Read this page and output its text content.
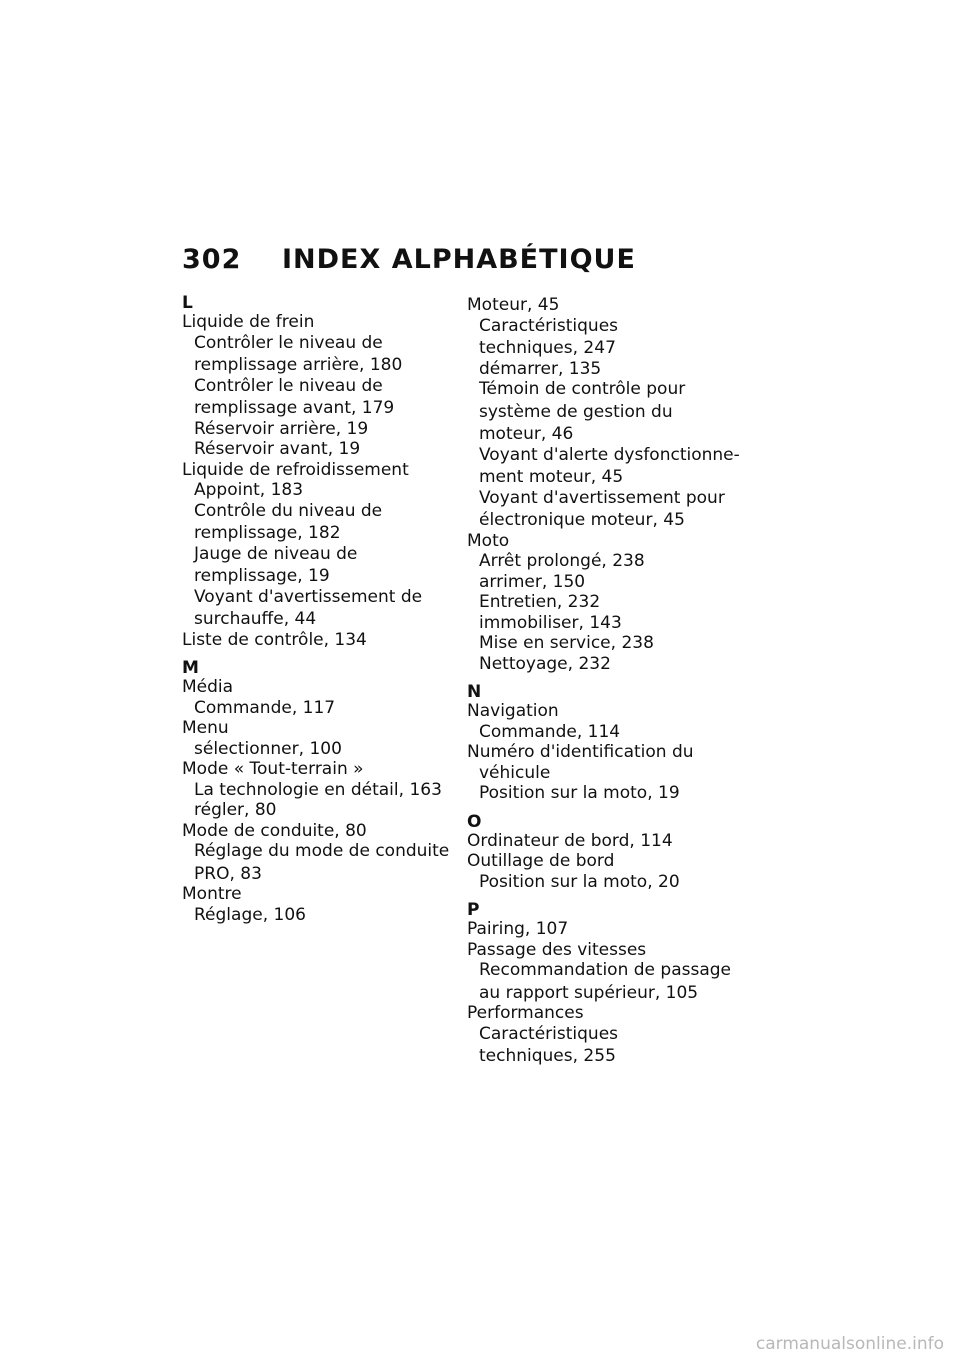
302 INDEX ALPHABÉTIQUE
L
Liquide de frein
Contrôler le niveau de
remplissage arrière, 180
Contrôler le niveau de
remplissage avant, 179
Réservoir arrière, 19
Réservoir avant, 19
Liquide de refroidissement
Appoint, 183
Contrôle du niveau de
remplissage, 182
Jauge de niveau de
remplissage, 19
Voyant d'avertissement de
surchauffe, 44
Liste de contrôle, 134
M
Média
Commande, 117
Menu
sélectionner, 100
Mode « Tout-terrain »
La technologie en détail, 163
régler, 80
Mode de conduite, 80
Réglage du mode de conduite
PRO, 83
Montre
Réglage, 106
Moteur, 45
Caractéristiques
techniques, 247
démarrer, 135
Témoin de contrôle pour
système de gestion du
moteur, 46
Voyant d'alerte dysfonctionne-
ment moteur, 45
Voyant d'avertissement pour
électronique moteur, 45
Moto
Arrêt prolongé, 238
arrimer, 150
Entretien, 232
immobiliser, 143
Mise en service, 238
Nettoyage, 232
N
Navigation
Commande, 114
Numéro d'identification du
véhicule
Position sur la moto, 19
O
Ordinateur de bord, 114
Outillage de bord
Position sur la moto, 20
P
Pairing, 107
Passage des vitesses
Recommandation de passage
au rapport supérieur, 105
Performances
Caractéristiques
techniques, 255
carmanualsonline.info
